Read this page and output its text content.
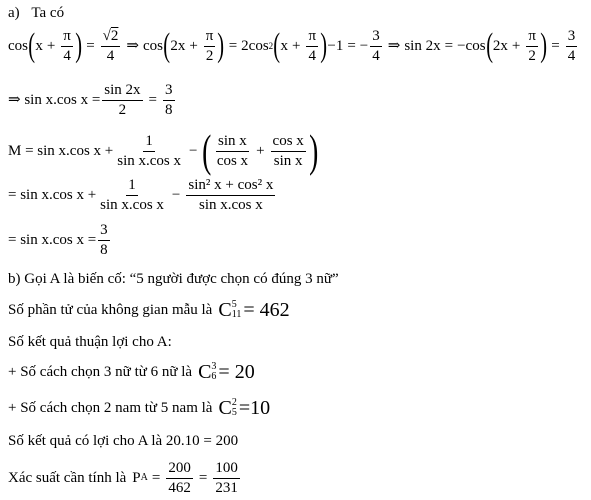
a) Ta có
cos ( $x + \frac{\pi}{4}$ ) = $\frac{√2}{4}$ ⇒ cos ( $2x + \frac{\pi}{2}$ ) = 2cos 2 ( $x + \frac{\pi}{4}$ ) −1 = − $\frac{3}{4}$ ⇒ sin 2x = −cos ( $2x + \frac{\pi}{2}$ ) = $\frac{3}{4}$
⇒ sin x.cos $x = \frac{\sin 2x}{2} = \frac{3}{8}$
M = sin x.cos $x + \frac{1}{\text{sin x.cos x}}$ − ( $\frac{\text{sin x}}{\text{cos x}} + \frac{\text{cos x}}{\text{sin x}}$ )
= sin x.cos $x + \frac{1}{\text{sin x.cos x}} - \frac{\text{sin² x + cos² x}}{\text{sin x.cos x}}$
= sin x.cos $x = \frac{3}{8}$
b) Gọi A là biến cố: “5 người được chọn có đúng 3 nữ”
Số phần tử của không gian mẫu là C 5
11 = 462
Số kết quả thuận lợi cho A:
+ Số cách chọn 3 nữ từ 6 nữ là C 3
6 = 20
+ Số cách chọn 2 nam từ 5 nam là C 2
5 =10
Số kết quả có lợi cho A là 20.10 = 200
Xác suất cần tính là P $A = \frac{200}{462} = \frac{100}{231}$
